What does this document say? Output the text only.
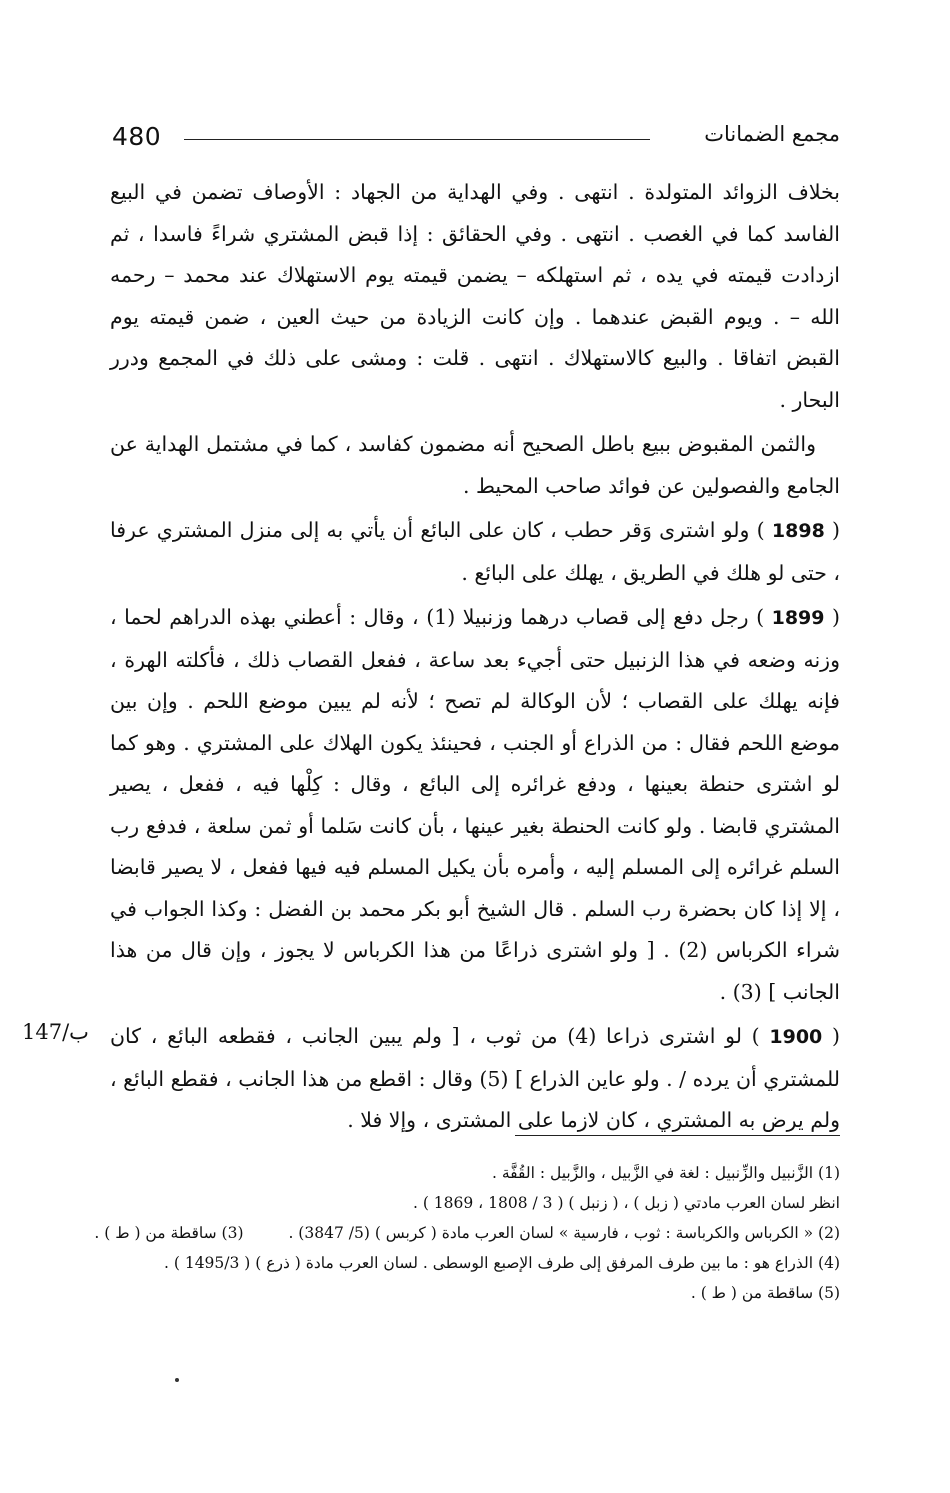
480	مجمع الضمانات

بخلاف الزوائد المتولدة . انتهى . وفي الهداية من الجهاد : الأوصاف تضمن في البيع الفاسد كما في الغصب . انتهى . وفي الحقائق : إذا قبض المشتري شراءً فاسدا ، ثم ازدادت قيمته في يده ، ثم استهلكه – يضمن قيمته يوم الاستهلاك عند محمد – رحمه الله – . ويوم القبض عندهما . وإن كانت الزيادة من حيث العين ، ضمن قيمته يوم القبض اتفاقا . والبيع كالاستهلاك . انتهى . قلت : ومشى على ذلك في المجمع ودرر البحار .

والثمن المقبوض ببيع باطل الصحيح أنه مضمون كفاسد ، كما في مشتمل الهداية عن الجامع والفصولين عن فوائد صاحب المحيط .

( 1898 ) ولو اشترى وَقر حطب ، كان على البائع أن يأتي به إلى منزل المشتري عرفا ، حتى لو هلك في الطريق ، يهلك على البائع .

( 1899 ) رجل دفع إلى قصاب درهما وزنبيلا (1) ، وقال : أعطني بهذه الدراهم لحما ، وزنه وضعه في هذا الزنبيل حتى أجيء بعد ساعة ، ففعل القصاب ذلك ، فأكلته الهرة ، فإنه يهلك على القصاب ؛ لأن الوكالة لم تصح ؛ لأنه لم يبين موضع اللحم . وإن بين موضع اللحم فقال : من الذراع أو الجنب ، فحينئذ يكون الهلاك على المشتري . وهو كما لو اشترى حنطة بعينها ، ودفع غرائره إلى البائع ، وقال : كِلْها فيه ، ففعل ، يصير المشتري قابضا . ولو كانت الحنطة بغير عينها ، بأن كانت سَلما أو ثمن سلعة ، فدفع رب السلم غرائره إلى المسلم إليه ، وأمره بأن يكيل المسلم فيه فيها ففعل ، لا يصير قابضا ، إلا إذا كان بحضرة رب السلم . قال الشيخ أبو بكر محمد بن الفضل : وكذا الجواب في شراء الكرباس (2) . [ ولو اشترى ذراعًا من هذا الكرباس لا يجوز ، وإن قال من هذا الجانب ] (3) .

( 1900 ) لو اشترى ذراعا (4) من ثوب ، [ ولم يبين الجانب ، فقطعه البائع ، كان للمشتري أن يرده / . ولو عاين الذراع ] (5) وقال : اقطع من هذا الجانب ، فقطع البائع ، ولم يرض به المشتري ، كان لازما على المشترى ، وإلا فلا .

147/ب
(1) الزَّنبيل والزِّنبيل : لغة في الزَّبيل ، والزَّبيل : القُفَّة .
انظر لسان العرب مادتي ( زبل ) ، ( زنبل ) ( 3 / 1808 ، 1869 ) .
(2) « الكرباس والكرباسة : ثوب ، فارسية » لسان العرب مادة ( كربس ) (5/ 3847) . (3) ساقطة من ( ط ) .
(4) الذراع هو : ما بين طرف المرفق إلى طرف الإصبع الوسطى . لسان العرب مادة ( ذرع ) ( 1495/3 ) .
(5) ساقطة من ( ط ) .
